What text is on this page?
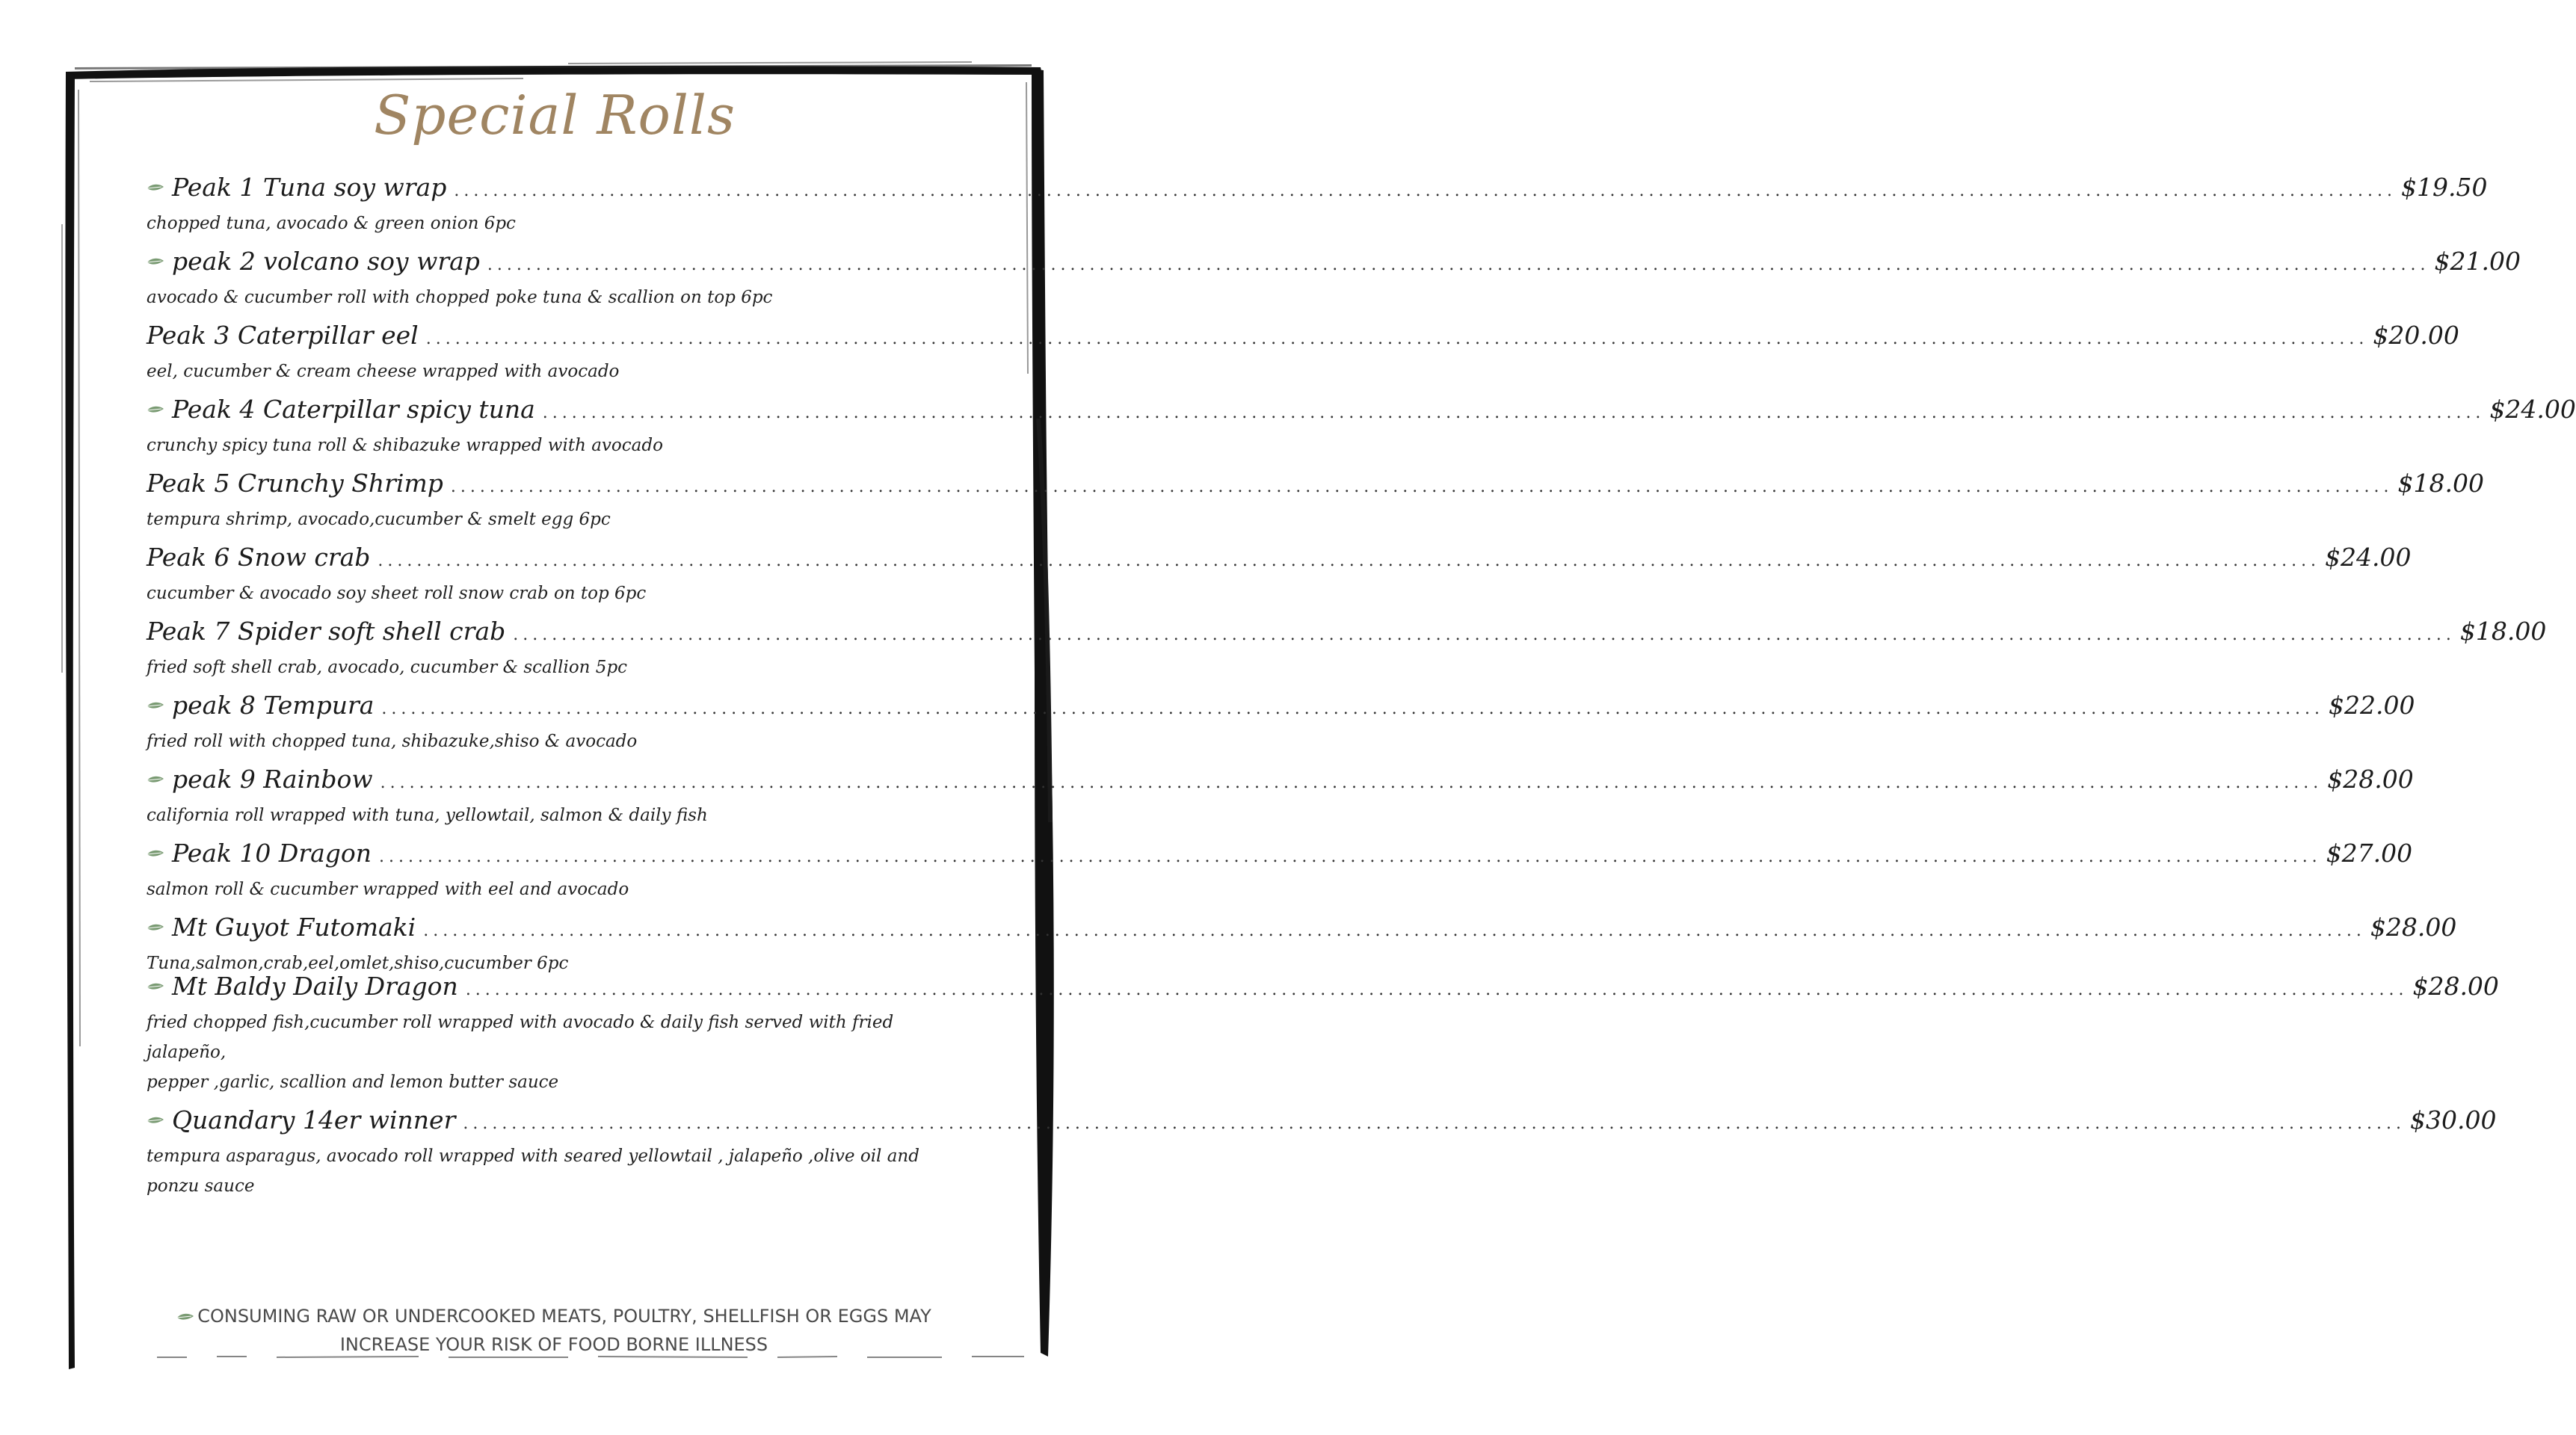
Special Rolls
Peak 1 Tuna soy wrap ........................................................................................................................................................................................................ $19.50
chopped tuna, avocado & green onion 6pc
peak 2 volcano soy wrap ........................................................................................................................................................................................................ $21.00
avocado & cucumber roll with chopped poke tuna & scallion on top 6pc
Peak 3 Caterpillar eel ........................................................................................................................................................................................................ $20.00
eel, cucumber & cream cheese wrapped with avocado
Peak 4 Caterpillar spicy tuna ........................................................................................................................................................................................................ $24.00
crunchy spicy tuna roll & shibazuke wrapped with avocado
Peak 5 Crunchy Shrimp ........................................................................................................................................................................................................ $18.00
tempura shrimp, avocado,cucumber & smelt egg 6pc
Peak 6 Snow crab ........................................................................................................................................................................................................ $24.00
cucumber & avocado soy sheet roll snow crab on top 6pc
Peak 7 Spider soft shell crab ........................................................................................................................................................................................................ $18.00
fried soft shell crab, avocado, cucumber & scallion 5pc
peak 8 Tempura ........................................................................................................................................................................................................ $22.00
fried roll with chopped tuna, shibazuke,shiso & avocado
peak 9 Rainbow ........................................................................................................................................................................................................ $28.00
california roll wrapped with tuna, yellowtail, salmon & daily fish
Peak 10 Dragon ........................................................................................................................................................................................................ $27.00
salmon roll & cucumber wrapped with eel and avocado
Mt Guyot Futomaki ........................................................................................................................................................................................................ $28.00
Tuna,salmon,crab,eel,omlet,shiso,cucumber 6pc
Mt Baldy Daily Dragon ........................................................................................................................................................................................................ $28.00
fried chopped fish,cucumber roll wrapped with avocado & daily fish served with fried jalapeño,
pepper ,garlic, scallion and lemon butter sauce
Quandary 14er winner ........................................................................................................................................................................................................ $30.00
tempura asparagus, avocado roll wrapped with seared yellowtail , jalapeño ,olive oil and
ponzu sauce
CONSUMING RAW OR UNDERCOOKED MEATS, POULTRY, SHELLFISH OR EGGS MAY
INCREASE YOUR RISK OF FOOD BORNE ILLNESS
